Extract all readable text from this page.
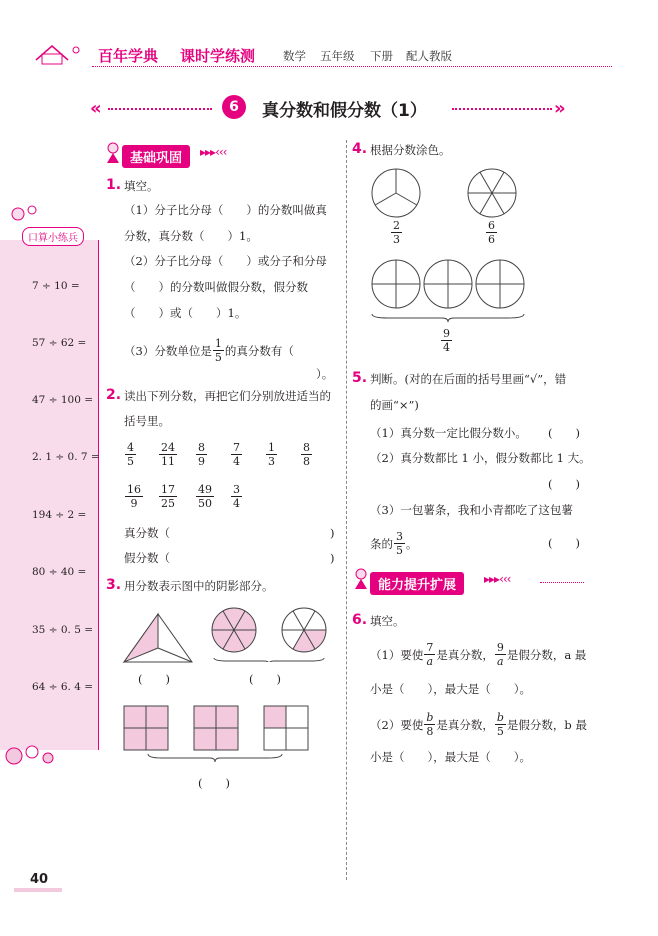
百年学典 课时学练测 数学 五年级 下册 配人教版
«	6	真分数和假分数（1）	»
口算小练兵
7 ÷ 10 =
57 ÷ 62 =
47 ÷ 100 =
2. 1 ÷ 0. 7 =
194 ÷ 2 =
80 ÷ 40 =
35 ÷ 0. 5 =
64 ÷ 6. 4 =
基础巩固	▸▸▸‹‹‹
1. 填空。
（1）分子比分母（　　）的分数叫做真
分数，真分数（　　）1。
（2）分子比分母（　　）或分子和分母
（　　）的分数叫做假分数，假分数
（　　）或（　　）1。
（3）分数单位是 $\frac{1}{5}$ 的真分数有（
）。
2. 读出下列分数，再把它们分别放进适当的
括号里。
$\frac{4}{5} \frac{24}{11} \frac{8}{9} \frac{7}{4} \frac{1}{3} \frac{8}{8}$
$\frac{16}{9} \frac{17}{25} \frac{49}{50} \frac{3}{4}$
真分数（	)
假分数（	)
3. 用分数表示图中的阴影部分。
(　　)	(　　)
(　　)
4. 根据分数涂色。
$\frac{2}{3}$	$\frac{6}{6}$
$\frac{9}{4}$
5. 判断。(对的在后面的括号里画“√”，错
的画“×”)
（1）真分数一定比假分数小。 (　　)
（2）真分数都比 1 小，假分数都比 1 大。
(　　)
（3）一包薯条，我和小青都吃了这包薯
条的 $\frac{3}{5}$ 。	(　　)
能力提升扩展	▸▸▸‹‹‹
6. 填空。
（1）要使 $\frac{7}{a}$ 是真分数， $\frac{9}{a}$ 是假分数，a 最
小是（　　），最大是（　　）。
（2）要使 $\frac{b}{8}$ 是真分数， $\frac{b}{5}$ 是假分数，b 最
小是（　　），最大是（　　）。
40
